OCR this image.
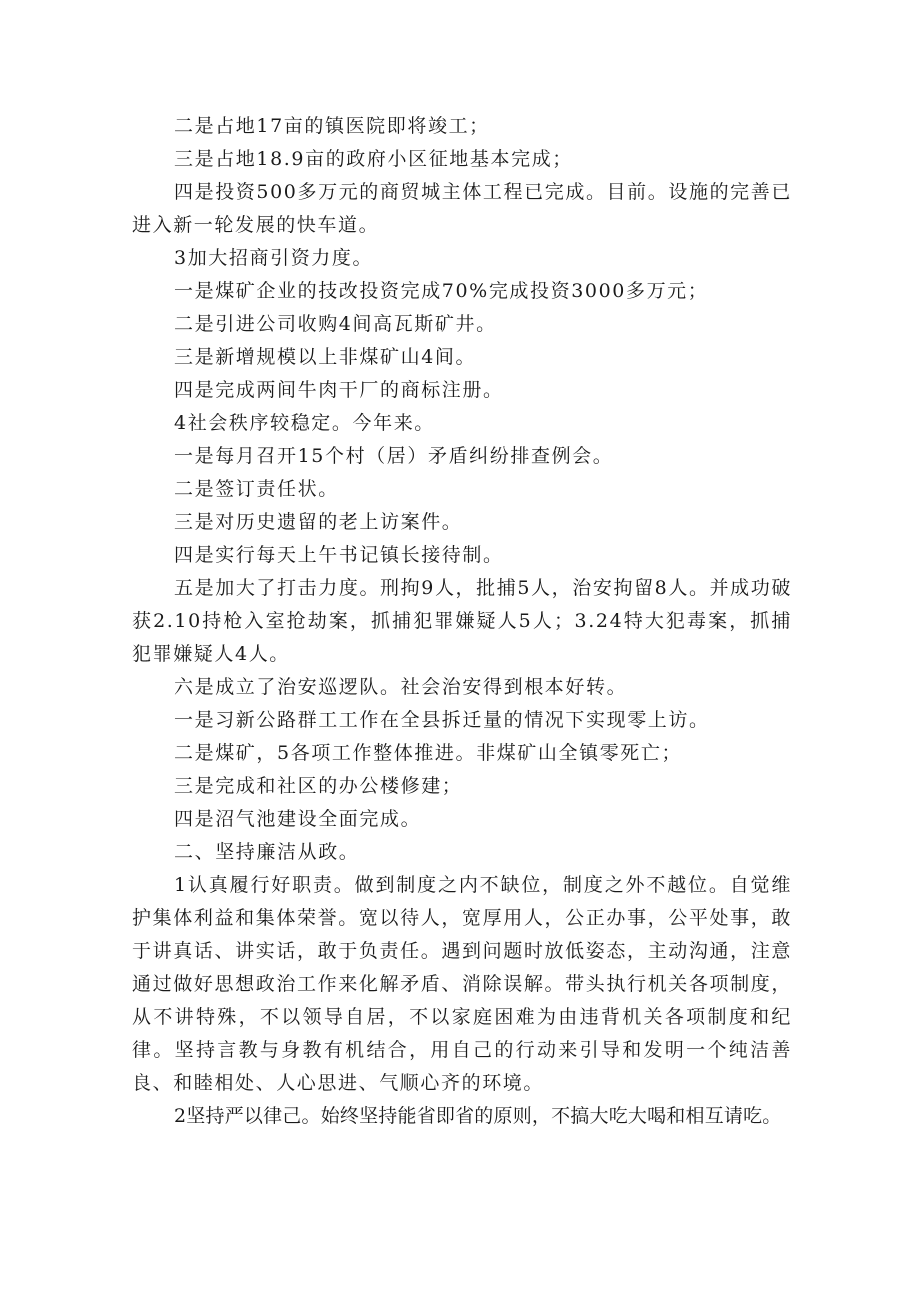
二是占地17亩的镇医院即将竣工；

三是占地18.9亩的政府小区征地基本完成；

四是投资500多万元的商贸城主体工程已完成。目前。设施的完善已进入新一轮发展的快车道。

3加大招商引资力度。

一是煤矿企业的技改投资完成70%完成投资3000多万元；

二是引进公司收购4间高瓦斯矿井。

三是新增规模以上非煤矿山4间。

四是完成两间牛肉干厂的商标注册。

4社会秩序较稳定。今年来。

一是每月召开15个村（居）矛盾纠纷排查例会。

二是签订责任状。

三是对历史遗留的老上访案件。

四是实行每天上午书记镇长接待制。

五是加大了打击力度。刑拘9人，批捕5人，治安拘留8人。并成功破获2.10持枪入室抢劫案，抓捕犯罪嫌疑人5人；3.24特大犯毒案，抓捕犯罪嫌疑人4人。

六是成立了治安巡逻队。社会治安得到根本好转。

一是习新公路群工工作在全县拆迁量的情况下实现零上访。

二是煤矿，5各项工作整体推进。非煤矿山全镇零死亡；

三是完成和社区的办公楼修建；

四是沼气池建设全面完成。

二、坚持廉洁从政。

1认真履行好职责。做到制度之内不缺位，制度之外不越位。自觉维护集体利益和集体荣誉。宽以待人，宽厚用人，公正办事，公平处事，敢于讲真话、讲实话，敢于负责任。遇到问题时放低姿态，主动沟通，注意通过做好思想政治工作来化解矛盾、消除误解。带头执行机关各项制度，从不讲特殊，不以领导自居，不以家庭困难为由违背机关各项制度和纪律。坚持言教与身教有机结合，用自己的行动来引导和发明一个纯洁善良、和睦相处、人心思进、气顺心齐的环境。

2坚持严以律己。始终坚持能省即省的原则，不搞大吃大喝和相互请吃。
